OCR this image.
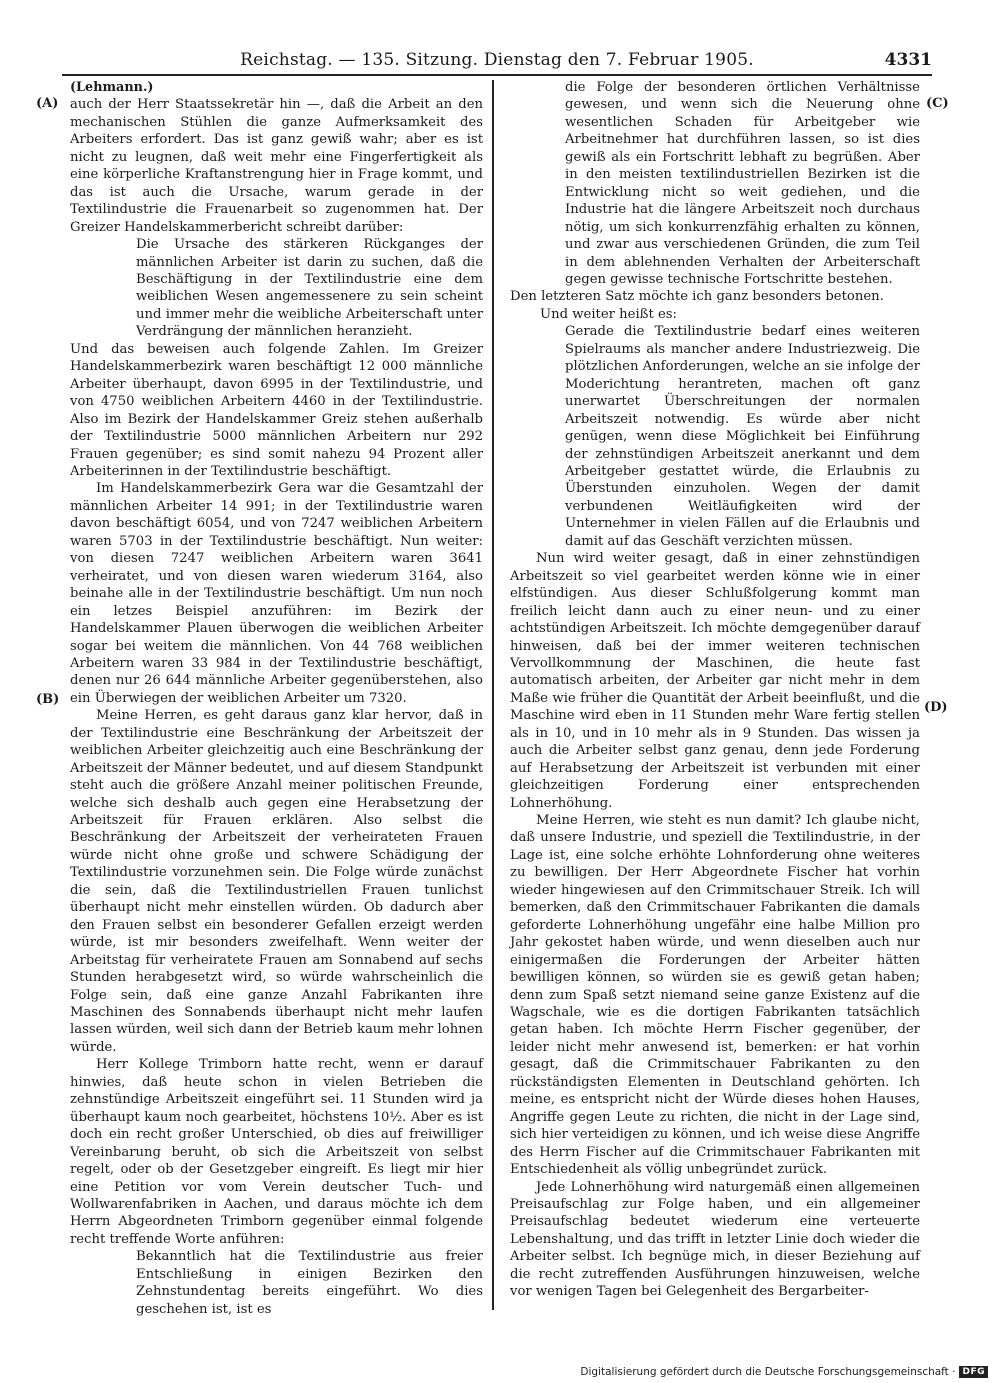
Reichstag. — 135. Sitzung. Dienstag den 7. Februar 1905.	4331
(A)
(B)
(C)
(D)

(Lehmann.)

auch der Herr Staatssekretär hin —, daß die Arbeit an den mechanischen Stühlen die ganze Aufmerksamkeit des Arbeiters erfordert. Das ist ganz gewiß wahr; aber es ist nicht zu leugnen, daß weit mehr eine Fingerfertigkeit als eine körperliche Kraftanstrengung hier in Frage kommt, und das ist auch die Ursache, warum gerade in der Textilindustrie die Frauenarbeit so zugenommen hat. Der Greizer Handelskammerbericht schreibt darüber:

Die Ursache des stärkeren Rückganges der männlichen Arbeiter ist darin zu suchen, daß die Beschäftigung in der Textilindustrie eine dem weiblichen Wesen angemessenere zu sein scheint und immer mehr die weibliche Arbeiterschaft unter Verdrängung der männlichen heranzieht.

Und das beweisen auch folgende Zahlen. Im Greizer Handelskammerbezirk waren beschäftigt 12 000 männliche Arbeiter überhaupt, davon 6995 in der Textilindustrie, und von 4750 weiblichen Arbeitern 4460 in der Textilindustrie. Also im Bezirk der Handelskammer Greiz stehen außerhalb der Textilindustrie 5000 männlichen Arbeitern nur 292 Frauen gegenüber; es sind somit nahezu 94 Prozent aller Arbeiterinnen in der Textilindustrie beschäftigt.

Im Handelskammerbezirk Gera war die Gesamtzahl der männlichen Arbeiter 14 991; in der Textilindustrie waren davon beschäftigt 6054, und von 7247 weiblichen Arbeitern waren 5703 in der Textilindustrie beschäftigt. Nun weiter: von diesen 7247 weiblichen Arbeitern waren 3641 verheiratet, und von diesen waren wiederum 3164, also beinahe alle in der Textilindustrie beschäftigt. Um nun noch ein letzes Beispiel anzuführen: im Bezirk der Handelskammer Plauen überwogen die weiblichen Arbeiter sogar bei weitem die männlichen. Von 44 768 weiblichen Arbeitern waren 33 984 in der Textilindustrie beschäftigt, denen nur 26 644 männliche Arbeiter gegenüberstehen, also ein Überwiegen der weiblichen Arbeiter um 7320.

Meine Herren, es geht daraus ganz klar hervor, daß in der Textilindustrie eine Beschränkung der Arbeitszeit der weiblichen Arbeiter gleichzeitig auch eine Beschränkung der Arbeitszeit der Männer bedeutet, und auf diesem Standpunkt steht auch die größere Anzahl meiner politischen Freunde, welche sich deshalb auch gegen eine Herabsetzung der Arbeitszeit für Frauen erklären. Also selbst die Beschränkung der Arbeitszeit der verheirateten Frauen würde nicht ohne große und schwere Schädigung der Textilindustrie vorzunehmen sein. Die Folge würde zunächst die sein, daß die Textilindustriellen Frauen tunlichst überhaupt nicht mehr einstellen würden. Ob dadurch aber den Frauen selbst ein besonderer Gefallen erzeigt werden würde, ist mir besonders zweifelhaft. Wenn weiter der Arbeitstag für verheiratete Frauen am Sonnabend auf sechs Stunden herabgesetzt wird, so würde wahrscheinlich die Folge sein, daß eine ganze Anzahl Fabrikanten ihre Maschinen des Sonnabends überhaupt nicht mehr laufen lassen würden, weil sich dann der Betrieb kaum mehr lohnen würde.

Herr Kollege Trimborn hatte recht, wenn er darauf hinwies, daß heute schon in vielen Betrieben die zehnstündige Arbeitszeit eingeführt sei. 11 Stunden wird ja überhaupt kaum noch gearbeitet, höchstens 10½. Aber es ist doch ein recht großer Unterschied, ob dies auf freiwilliger Vereinbarung beruht, ob sich die Arbeitszeit von selbst regelt, oder ob der Gesetzgeber eingreift. Es liegt mir hier eine Petition vor vom Verein deutscher Tuch- und Wollwarenfabriken in Aachen, und daraus möchte ich dem Herrn Abgeordneten Trimborn gegenüber einmal folgende recht treffende Worte anführen:

Bekanntlich hat die Textilindustrie aus freier Entschließung in einigen Bezirken den Zehnstundentag bereits eingeführt. Wo dies geschehen ist, ist es

die Folge der besonderen örtlichen Verhältnisse gewesen, und wenn sich die Neuerung ohne wesentlichen Schaden für Arbeitgeber wie Arbeitnehmer hat durchführen lassen, so ist dies gewiß als ein Fortschritt lebhaft zu begrüßen. Aber in den meisten textilindustriellen Bezirken ist die Entwicklung nicht so weit gediehen, und die Industrie hat die längere Arbeitszeit noch durchaus nötig, um sich konkurrenzfähig erhalten zu können, und zwar aus verschiedenen Gründen, die zum Teil in dem ablehnenden Verhalten der Arbeiterschaft gegen gewisse technische Fortschritte bestehen.

Den letzteren Satz möchte ich ganz besonders betonen.

Und weiter heißt es:

Gerade die Textilindustrie bedarf eines weiteren Spielraums als mancher andere Industriezweig. Die plötzlichen Anforderungen, welche an sie infolge der Moderichtung herantreten, machen oft ganz unerwartet Überschreitungen der normalen Arbeitszeit notwendig. Es würde aber nicht genügen, wenn diese Möglichkeit bei Einführung der zehnstündigen Arbeitszeit anerkannt und dem Arbeitgeber gestattet würde, die Erlaubnis zu Überstunden einzuholen. Wegen der damit verbundenen Weitläufigkeiten wird der Unternehmer in vielen Fällen auf die Erlaubnis und damit auf das Geschäft verzichten müssen.

Nun wird weiter gesagt, daß in einer zehnstündigen Arbeitszeit so viel gearbeitet werden könne wie in einer elfstündigen. Aus dieser Schlußfolgerung kommt man freilich leicht dann auch zu einer neun- und zu einer achtstündigen Arbeitszeit. Ich möchte demgegenüber darauf hinweisen, daß bei der immer weiteren technischen Vervollkommnung der Maschinen, die heute fast automatisch arbeiten, der Arbeiter gar nicht mehr in dem Maße wie früher die Quantität der Arbeit beeinflußt, und die Maschine wird eben in 11 Stunden mehr Ware fertig stellen als in 10, und in 10 mehr als in 9 Stunden. Das wissen ja auch die Arbeiter selbst ganz genau, denn jede Forderung auf Herabsetzung der Arbeitszeit ist verbunden mit einer gleichzeitigen Forderung einer entsprechenden Lohnerhöhung.

Meine Herren, wie steht es nun damit? Ich glaube nicht, daß unsere Industrie, und speziell die Textilindustrie, in der Lage ist, eine solche erhöhte Lohnforderung ohne weiteres zu bewilligen. Der Herr Abgeordnete Fischer hat vorhin wieder hingewiesen auf den Crimmitschauer Streik. Ich will bemerken, daß den Crimmitschauer Fabrikanten die damals geforderte Lohnerhöhung ungefähr eine halbe Million pro Jahr gekostet haben würde, und wenn dieselben auch nur einigermaßen die Forderungen der Arbeiter hätten bewilligen können, so würden sie es gewiß getan haben; denn zum Spaß setzt niemand seine ganze Existenz auf die Wagschale, wie es die dortigen Fabrikanten tatsächlich getan haben. Ich möchte Herrn Fischer gegenüber, der leider nicht mehr anwesend ist, bemerken: er hat vorhin gesagt, daß die Crimmitschauer Fabrikanten zu den rückständigsten Elementen in Deutschland gehörten. Ich meine, es entspricht nicht der Würde dieses hohen Hauses, Angriffe gegen Leute zu richten, die nicht in der Lage sind, sich hier verteidigen zu können, und ich weise diese Angriffe des Herrn Fischer auf die Crimmitschauer Fabrikanten mit Entschiedenheit als völlig unbegründet zurück.

Jede Lohnerhöhung wird naturgemäß einen allgemeinen Preisaufschlag zur Folge haben, und ein allgemeiner Preisaufschlag bedeutet wiederum eine verteuerte Lebenshaltung, und das trifft in letzter Linie doch wieder die Arbeiter selbst. Ich begnüge mich, in dieser Beziehung auf die recht zutreffenden Ausführungen hinzuweisen, welche vor wenigen Tagen bei Gelegenheit des Bergarbeiter-

Digitalisierung gefördert durch die Deutsche Forschungsgemeinschaft · DFG
